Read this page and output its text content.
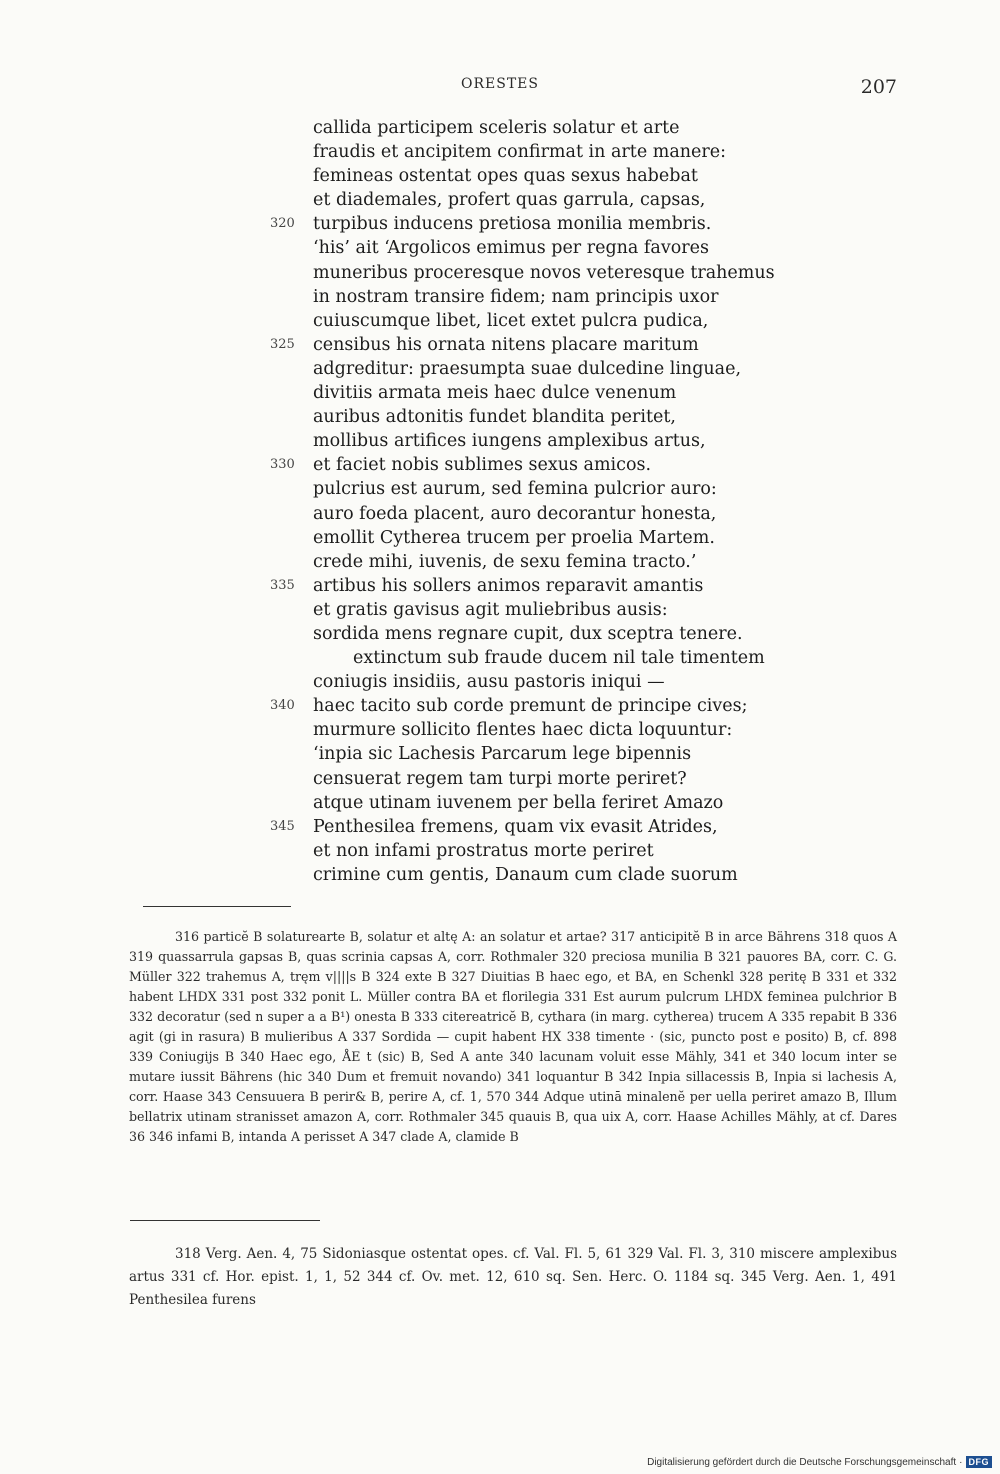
ORESTES	207
callida participem sceleris solatur et arte
fraudis et ancipitem confirmat in arte manere:
femineas ostentat opes quas sexus habebat
et diademales, profert quas garrula, capsas,
320	turpibus inducens pretiosa monilia membris.
‘his’ ait ‘Argolicos emimus per regna favores
muneribus proceresque novos veteresque trahemus
in nostram transire fidem; nam principis uxor
cuiuscumque libet, licet extet pulcra pudica,
325	censibus his ornata nitens placare maritum
adgreditur: praesumpta suae dulcedine linguae,
divitiis armata meis haec dulce venenum
auribus adtonitis fundet blandita peritet,
mollibus artifices iungens amplexibus artus,
330	et faciet nobis sublimes sexus amicos.
pulcrius est aurum, sed femina pulcrior auro:
auro foeda placent, auro decorantur honesta,
emollit Cytherea trucem per proelia Martem.
crede mihi, iuvenis, de sexu femina tracto.’
335	artibus his sollers animos reparavit amantis
et gratis gavisus agit muliebribus ausis:
sordida mens regnare cupit, dux sceptra tenere.
extinctum sub fraude ducem nil tale timentem
coniugis insidiis, ausu pastoris iniqui —
340	haec tacito sub corde premunt de principe cives;
murmure sollicito flentes haec dicta loquuntur:
‘inpia sic Lachesis Parcarum lege bipennis
censuerat regem tam turpi morte periret?
atque utinam iuvenem per bella feriret Amazo
345	Penthesilea fremens, quam vix evasit Atrides,
et non infami prostratus morte periret
crimine cum gentis, Danaum cum clade suorum

316 particĕ B solaturearte B, solatur et altę A: an solatur et artae? 317 anticipitĕ B in arce Bährens 318 quos A 319 quassarrula gapsas B, quas scrinia capsas A, corr. Rothmaler 320 preciosa munilia B 321 pauores BA, corr. C. G. Müller 322 trahemus A, tręm v||||s B 324 exte B 327 Diuitias B haec ego, et BA, en Schenkl 328 peritę B 331 et 332 habent LHDX 331 post 332 ponit L. Müller contra BA et florilegia 331 Est aurum pulcrum LHDX feminea pulchrior B 332 decoratur (sed n super a a B¹) onesta B 333 citereatricĕ B, cythara (in marg. cytherea) trucem A 335 repabit B 336 agit (gi in rasura) B mulieribus A 337 Sordida — cupit habent HX 338 timente · (sic, puncto post e posito) B, cf. 898 339 Coniugijs B 340 Haec ego, ÅE t (sic) B, Sed A ante 340 lacunam voluit esse Mähly, 341 et 340 locum inter se mutare iussit Bährens (hic 340 Dum et fremuit novando) 341 loquantur B 342 Inpia sillacessis B, Inpia si lachesis A, corr. Haase 343 Censuuera B perir& B, perire A, cf. 1, 570 344 Adque utinā minalenĕ per uella periret amazo B, Illum bellatrix utinam stranisset amazon A, corr. Rothmaler 345 quauis B, qua uix A, corr. Haase Achilles Mähly, at cf. Dares 36 346 infami B, intanda A perisset A 347 clade A, clamide B

318 Verg. Aen. 4, 75 Sidoniasque ostentat opes. cf. Val. Fl. 5, 61 329 Val. Fl. 3, 310 miscere amplexibus artus 331 cf. Hor. epist. 1, 1, 52 344 cf. Ov. met. 12, 610 sq. Sen. Herc. O. 1184 sq. 345 Verg. Aen. 1, 491 Penthesilea furens

Digitalisierung gefördert durch die Deutsche Forschungsgemeinschaft · DFG
